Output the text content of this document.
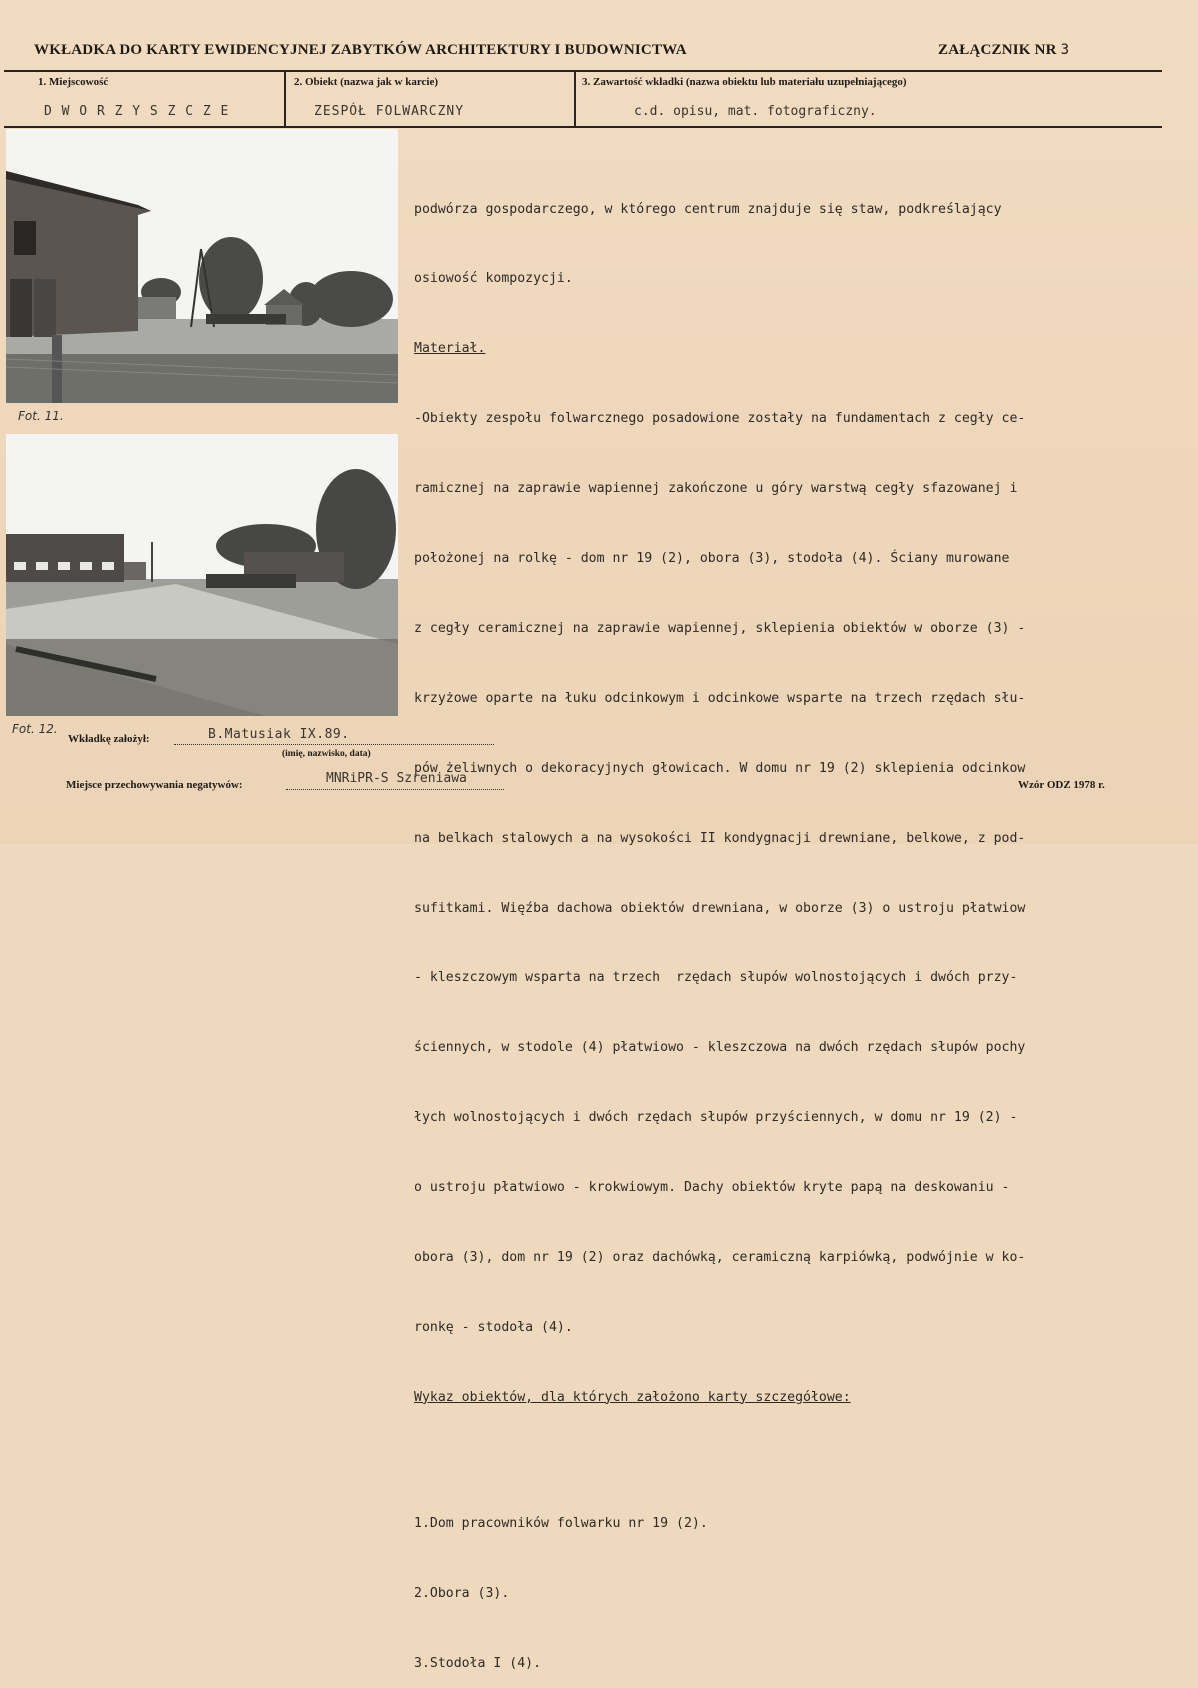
WKŁADKA DO KARTY EWIDENCYJNEJ ZABYTKÓW ARCHITEKTURY I BUDOWNICTWA	ZAŁĄCZNIK NR 3
1. Miejscowość
D W O R Z Y S Z C Z E
2. Obiekt (nazwa jak w karcie)
ZESPÓŁ FOLWARCZNY
3. Zawartość wkładki (nazwa obiektu lub materiału uzupełniającego)
c.d. opisu, mat. fotograficzny.
Fot. 11.
Fot. 12.

podwórza gospodarczego, w którego centrum znajduje się staw, podkreślający

osiowość kompozycji.

Materiał.

-Obiekty zespołu folwarcznego posadowione zostały na fundamentach z cegły ce-

ramicznej na zaprawie wapiennej zakończone u góry warstwą cegły sfazowanej i

położonej na rolkę - dom nr 19 (2), obora (3), stodoła (4). Ściany murowane

z cegły ceramicznej na zaprawie wapiennej, sklepienia obiektów w oborze (3) -

krzyżowe oparte na łuku odcinkowym i odcinkowe wsparte na trzech rzędach słu-

pów żeliwnych o dekoracyjnych głowicach. W domu nr 19 (2) sklepienia odcinkow

na belkach stalowych a na wysokości II kondygnacji drewniane, belkowe, z pod-

sufitkami. Więźba dachowa obiektów drewniana, w oborze (3) o ustroju płatwiow

- kleszczowym wsparta na trzech  rzędach słupów wolnostojących i dwóch przy-

ściennych, w stodole (4) płatwiowo - kleszczowa na dwóch rzędach słupów pochy

łych wolnostojących i dwóch rzędach słupów przyściennych, w domu nr 19 (2) -

o ustroju płatwiowo - krokwiowym. Dachy obiektów kryte papą na deskowaniu -

obora (3), dom nr 19 (2) oraz dachówką, ceramiczną karpiówką, podwójnie w ko-

ronkę - stodoła (4).

Wykaz obiektów, dla których założono karty szczegółowe:

1.Dom pracowników folwarku nr 19 (2).

2.Obora (3).

3.Stodoła I (4).

Wkładkę założył:	B.Matusiak IX.89.
(imię, nazwisko, data)
Miejsce przechowywania negatywów:	MNRiPR-S Szreniawa	Wzór ODZ 1978 r.
